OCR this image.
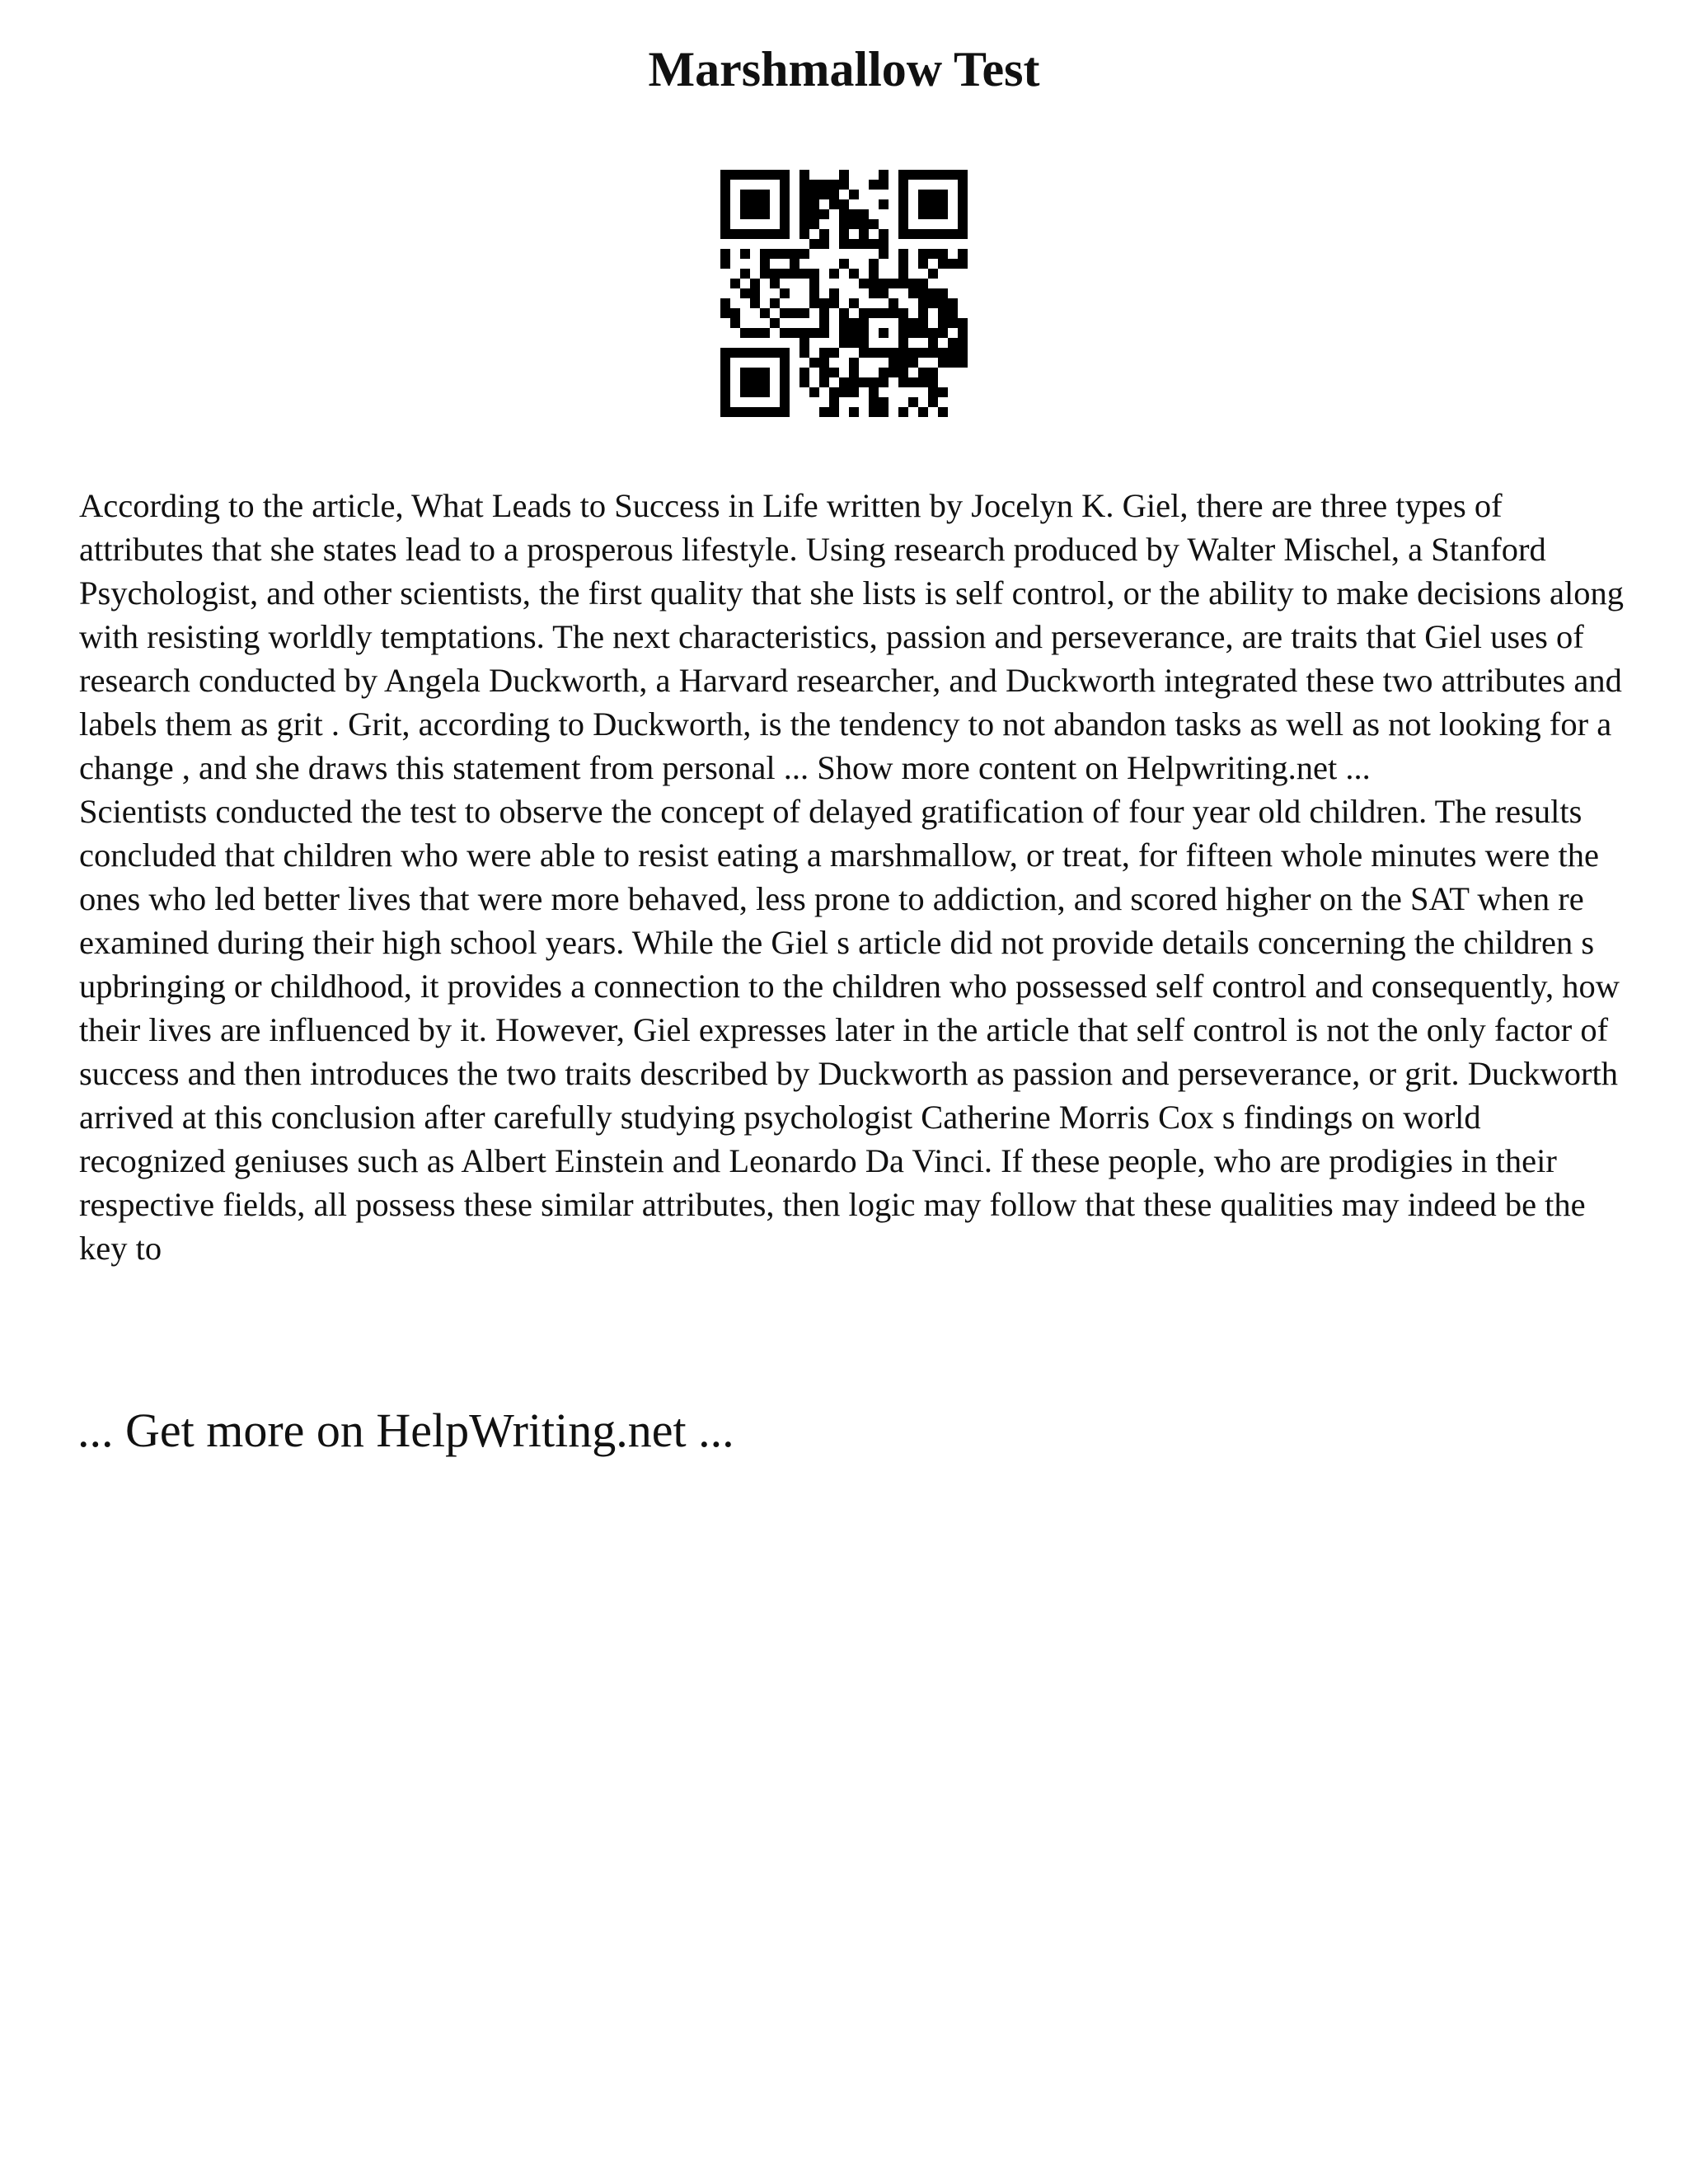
Marshmallow Test

According to the article, What Leads to Success in Life written by Jocelyn K. Giel, there are three types of attributes that she states lead to a prosperous lifestyle. Using research produced by Walter Mischel, a Stanford Psychologist, and other scientists, the first quality that she lists is self control, or the ability to make decisions along with resisting worldly temptations. The next characteristics, passion and perseverance, are traits that Giel uses of research conducted by Angela Duckworth, a Harvard researcher, and Duckworth integrated these two attributes and labels them as grit . Grit, according to Duckworth, is the tendency to not abandon tasks as well as not looking for a change , and she draws this statement from personal ... Show more content on Helpwriting.net ...

Scientists conducted the test to observe the concept of delayed gratification of four year old children. The results concluded that children who were able to resist eating a marshmallow, or treat, for fifteen whole minutes were the ones who led better lives that were more behaved, less prone to addiction, and scored higher on the SAT when re examined during their high school years. While the Giel s article did not provide details concerning the children s upbringing or childhood, it provides a connection to the children who possessed self control and consequently, how their lives are influenced by it. However, Giel expresses later in the article that self control is not the only factor of success and then introduces the two traits described by Duckworth as passion and perseverance, or grit. Duckworth arrived at this conclusion after carefully studying psychologist Catherine Morris Cox s findings on world recognized geniuses such as Albert Einstein and Leonardo Da Vinci. If these people, who are prodigies in their respective fields, all possess these similar attributes, then logic may follow that these qualities may indeed be the key to

... Get more on HelpWriting.net ...
